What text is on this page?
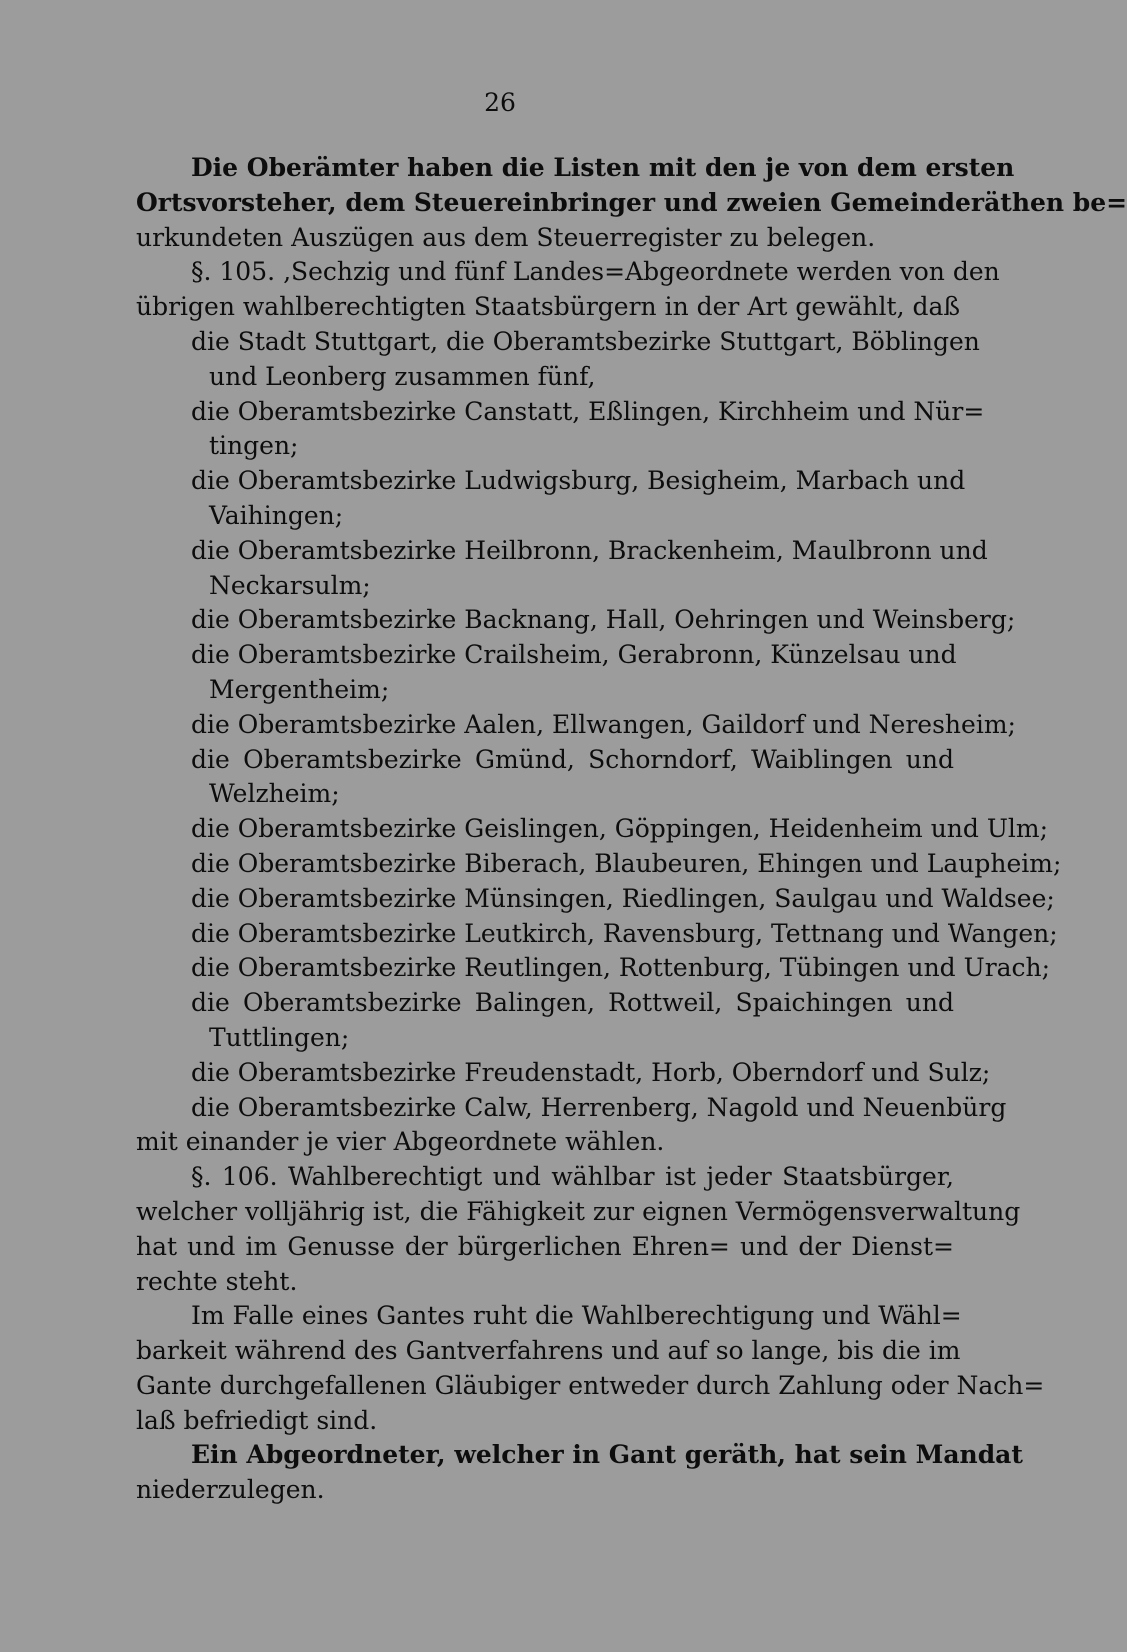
26
Die Oberämter haben die Listen mit den je von dem ersten
Ortsvorsteher, dem Steuereinbringer und zweien Gemeinderäthen be=
urkundeten Auszügen aus dem Steuerregister zu belegen.
§. 105. ‚Sechzig und fünf Landes=Abgeordnete werden von den
übrigen wahlberechtigten Staatsbürgern in der Art gewählt, daß
die Stadt Stuttgart, die Oberamtsbezirke Stuttgart, Böblingen
und Leonberg zusammen fünf,
die Oberamtsbezirke Canstatt, Eßlingen, Kirchheim und Nür=
tingen;
die Oberamtsbezirke Ludwigsburg, Besigheim, Marbach und
Vaihingen;
die Oberamtsbezirke Heilbronn, Brackenheim, Maulbronn und
Neckarsulm;
die Oberamtsbezirke Backnang, Hall, Oehringen und Weinsberg;
die Oberamtsbezirke Crailsheim, Gerabronn, Künzelsau und
Mergentheim;
die Oberamtsbezirke Aalen, Ellwangen, Gaildorf und Neresheim;
die Oberamtsbezirke Gmünd, Schorndorf, Waiblingen und
Welzheim;
die Oberamtsbezirke Geislingen, Göppingen, Heidenheim und Ulm;
die Oberamtsbezirke Biberach, Blaubeuren, Ehingen und Laupheim;
die Oberamtsbezirke Münsingen, Riedlingen, Saulgau und Waldsee;
die Oberamtsbezirke Leutkirch, Ravensburg, Tettnang und Wangen;
die Oberamtsbezirke Reutlingen, Rottenburg, Tübingen und Urach;
die Oberamtsbezirke Balingen, Rottweil, Spaichingen und
Tuttlingen;
die Oberamtsbezirke Freudenstadt, Horb, Oberndorf und Sulz;
die Oberamtsbezirke Calw, Herrenberg, Nagold und Neuenbürg
mit einander je vier Abgeordnete wählen.
§. 106. Wahlberechtigt und wählbar ist jeder Staatsbürger,
welcher volljährig ist, die Fähigkeit zur eignen Vermögensverwaltung
hat und im Genusse der bürgerlichen Ehren= und der Dienst=
rechte steht.
Im Falle eines Gantes ruht die Wahlberechtigung und Wähl=
barkeit während des Gantverfahrens und auf so lange, bis die im
Gante durchgefallenen Gläubiger entweder durch Zahlung oder Nach=
laß befriedigt sind.
Ein Abgeordneter, welcher in Gant geräth, hat sein Mandat
niederzulegen.
